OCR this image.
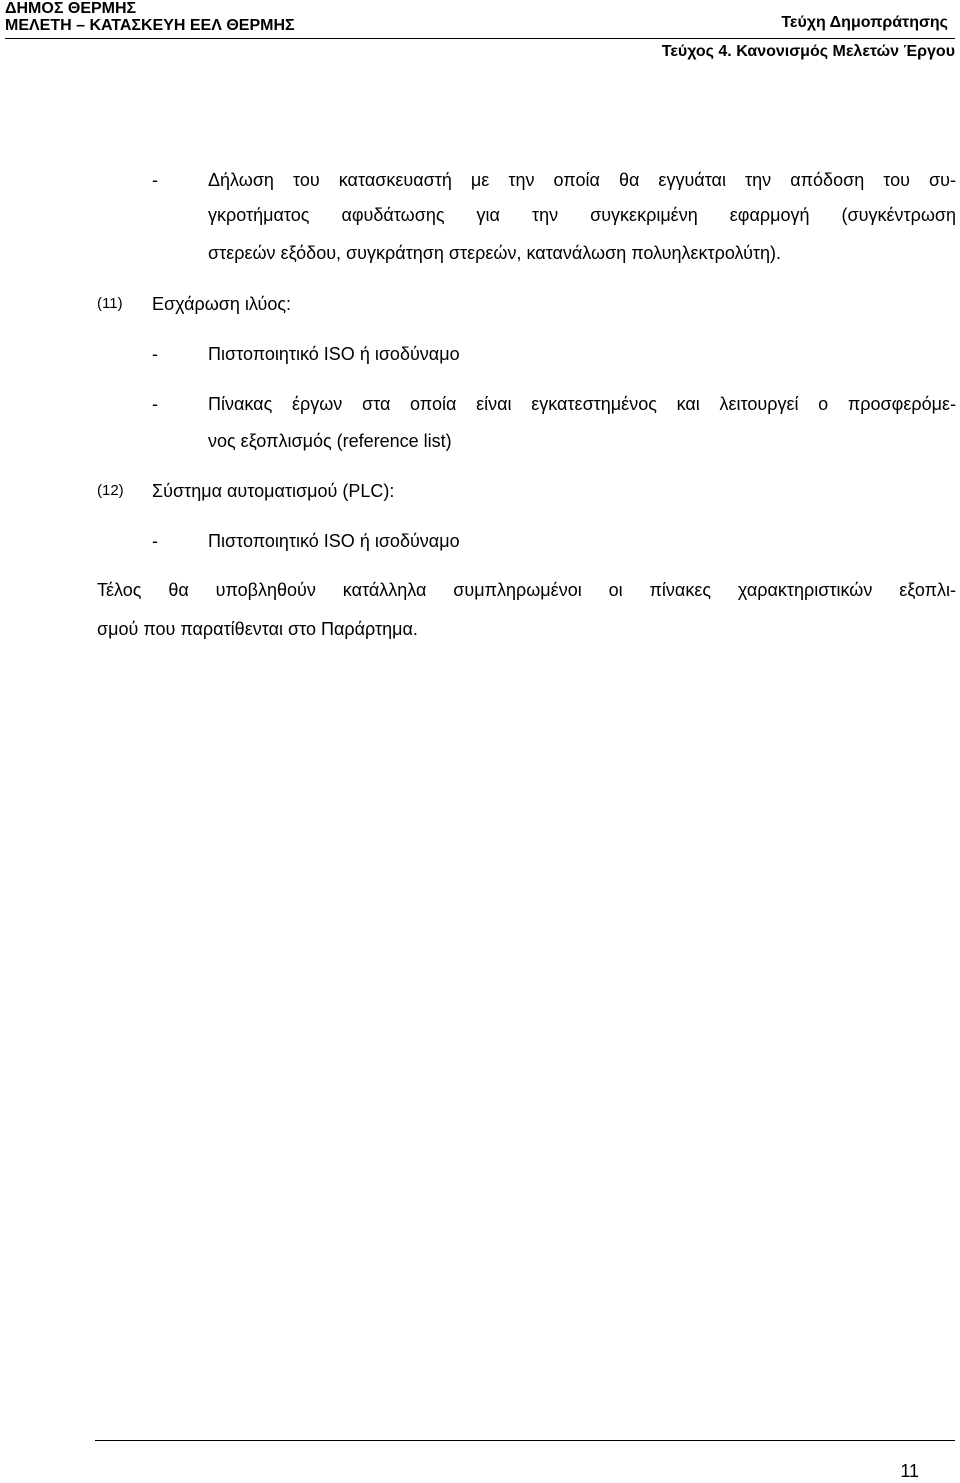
ΔΗΜΟΣ ΘΕΡΜΗΣ
ΜΕΛΕΤΗ – ΚΑΤΑΣΚΕΥΗ ΕΕΛ ΘΕΡΜΗΣ	Τεύχη Δημοπράτησης
Τεύχος 4. Κανονισμός Μελετών Έργου
-	Δήλωση του κατασκευαστή με την οποία θα εγγυάται την απόδοση του συ-
γκροτήματος αφυδάτωσης για την συγκεκριμένη εφαρμογή (συγκέντρωση
στερεών εξόδου, συγκράτηση στερεών, κατανάλωση πολυηλεκτρολύτη).
(11) Εσχάρωση ιλύος:
-	Πιστοποιητικό ISO ή ισοδύναμο
-	Πίνακας έργων στα οποία είναι εγκατεστημένος και λειτουργεί ο προσφερόμε-
νος εξοπλισμός (reference list)
(12) Σύστημα αυτοματισμού (PLC):
-	Πιστοποιητικό ISO ή ισοδύναμο
Τέλος θα υποβληθούν κατάλληλα συμπληρωμένοι οι πίνακες χαρακτηριστικών εξοπλι-
σμού που παρατίθενται στο Παράρτημα.
11
